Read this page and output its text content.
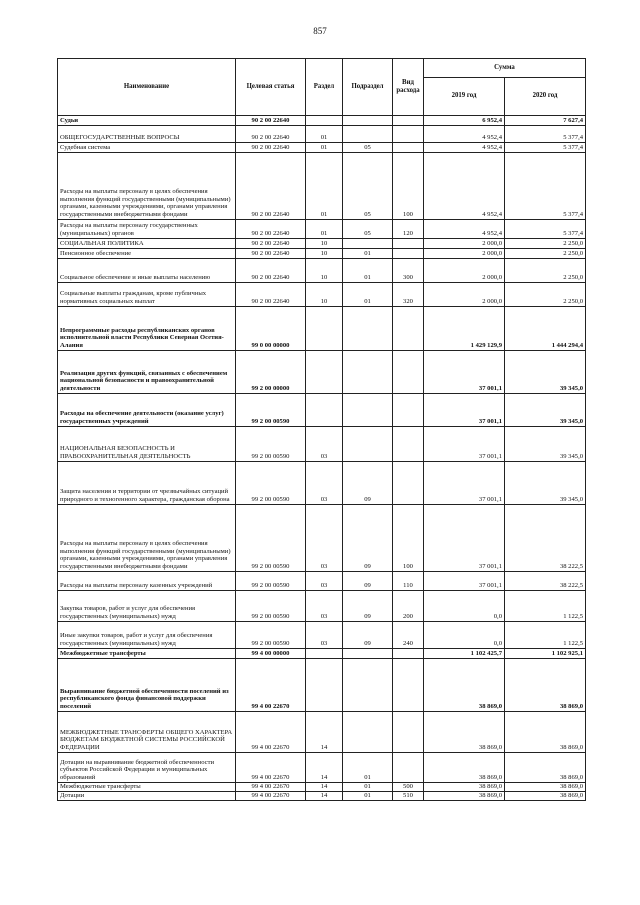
857
Наименование	Целевая статья	Раздел	Подраздел	Вид расхода	Сумма	
					2019 год	2020 год
Судьи	90 2 00 22640				6 952,4	7 627,4
ОБЩЕГОСУДАРСТВЕННЫЕ ВОПРОСЫ	90 2 00 22640	01			4 952,4	5 377,4
Судебная система	90 2 00 22640	01	05		4 952,4	5 377,4
Расходы на выплаты персоналу в целях обеспечения выполнения функций государственными (муниципальными) органами, казенными учреждениями, органами управления государственными внебюджетными фондами	90 2 00 22640	01	05	100	4 952,4	5 377,4
Расходы на выплаты персоналу государственных (муниципальных) органов	90 2 00 22640	01	05	120	4 952,4	5 377,4
СОЦИАЛЬНАЯ ПОЛИТИКА	90 2 00 22640	10			2 000,0	2 250,0
Пенсионное обеспечение	90 2 00 22640	10	01		2 000,0	2 250,0
Социальное обеспечение и иные выплаты населению	90 2 00 22640	10	01	300	2 000,0	2 250,0
Социальные выплаты гражданам, кроме публичных нормативных социальных выплат	90 2 00 22640	10	01	320	2 000,0	2 250,0
Непрограммные расходы республиканских органов исполнительной власти Республики Северная Осетия-Алания	99 0 00 00000				1 429 129,9	1 444 294,4
Реализация других функций, связанных с обеспечением национальной безопасности и правоохранительной деятельности	99 2 00 00000				37 001,1	39 345,0
Расходы на обеспечение деятельности (оказание услуг) государственных учреждений	99 2 00 00590				37 001,1	39 345,0
НАЦИОНАЛЬНАЯ БЕЗОПАСНОСТЬ И ПРАВООХРАНИТЕЛЬНАЯ ДЕЯТЕЛЬНОСТЬ	99 2 00 00590	03			37 001,1	39 345,0
Защита населения и территории от чрезвычайных ситуаций природного и техногенного характера, гражданская оборона	99 2 00 00590	03	09		37 001,1	39 345,0
Расходы на выплаты персоналу в целях обеспечения выполнения функций государственными (муниципальными) органами, казенными учреждениями, органами управления государственными внебюджетными фондами	99 2 00 00590	03	09	100	37 001,1	38 222,5
Расходы на выплаты персоналу казенных учреждений	99 2 00 00590	03	09	110	37 001,1	38 222,5
Закупка товаров, работ и услуг для обеспечения государственных (муниципальных) нужд	99 2 00 00590	03	09	200	0,0	1 122,5
Иные закупки товаров, работ и услуг для обеспечения государственных (муниципальных) нужд	99 2 00 00590	03	09	240	0,0	1 122,5
Межбюджетные трансферты	99 4 00 00000				1 102 425,7	1 102 925,1
Выравнивание бюджетной обеспеченности поселений из республиканского фонда финансовой поддержки поселений	99 4 00 22670				38 869,0	38 869,0
МЕЖБЮДЖЕТНЫЕ ТРАНСФЕРТЫ ОБЩЕГО ХАРАКТЕРА БЮДЖЕТАМ БЮДЖЕТНОЙ СИСТЕМЫ РОССИЙСКОЙ ФЕДЕРАЦИИ	99 4 00 22670	14			38 869,0	38 869,0
Дотации на выравнивание бюджетной обеспеченности субъектов Российской Федерации и муниципальных образований	99 4 00 22670	14	01		38 869,0	38 869,0
Межбюджетные трансферты	99 4 00 22670	14	01	500	38 869,0	38 869,0
Дотации	99 4 00 22670	14	01	510	38 869,0	38 869,0
